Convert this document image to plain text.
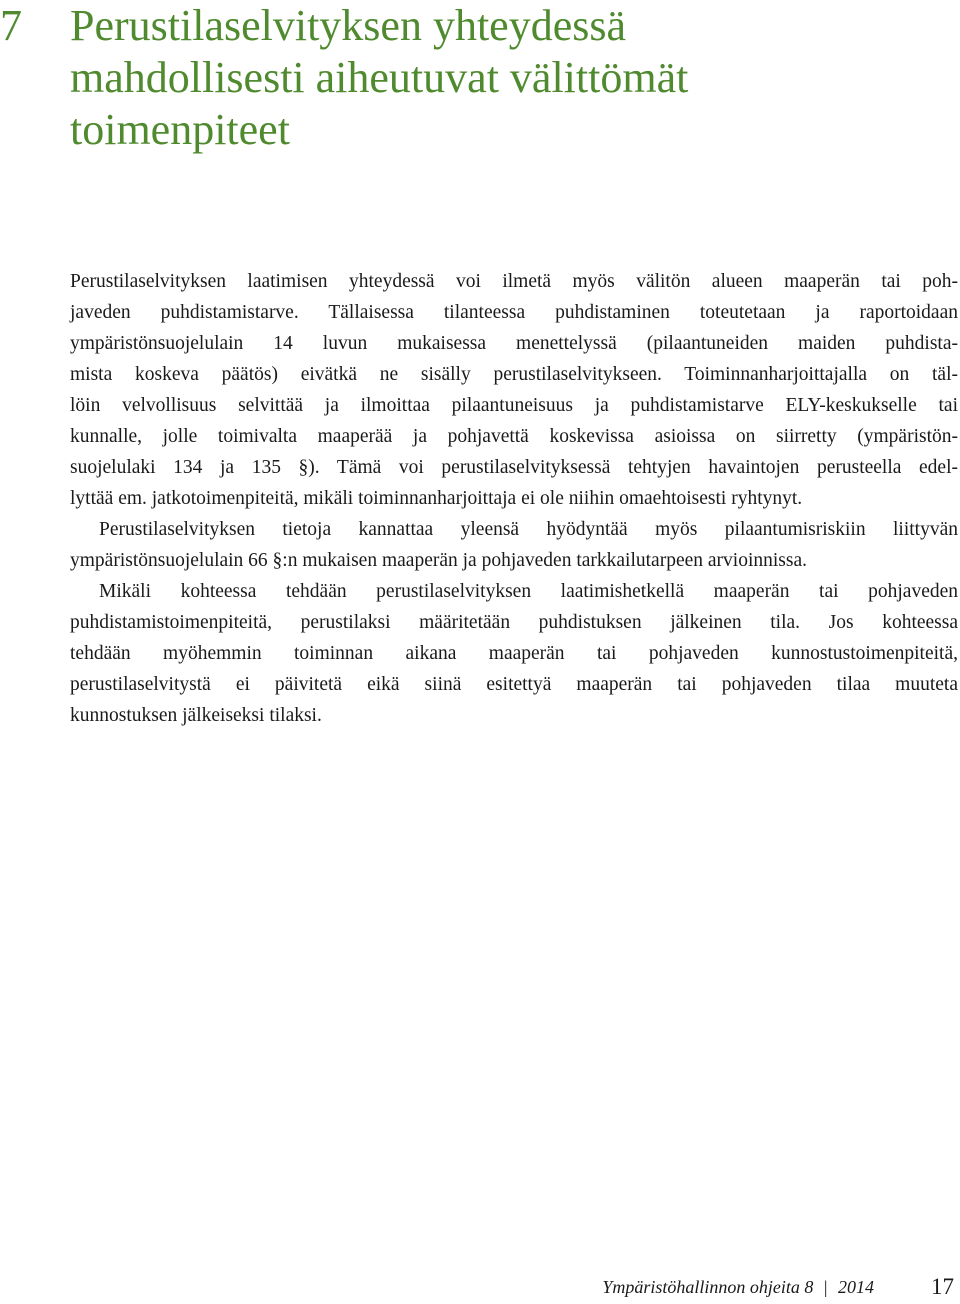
7 Perustilaselvityksen yhteydessä
mahdollisesti aiheutuvat välittömät
toimenpiteet
Perustilaselvityksen laatimisen yhteydessä voi ilmetä myös välitön alueen maaperän tai poh-
javeden puhdistamistarve. Tällaisessa tilanteessa puhdistaminen toteutetaan ja raportoidaan
ympäristönsuojelulain 14 luvun mukaisessa menettelyssä (pilaantuneiden maiden puhdista-
mista koskeva päätös) eivätkä ne sisälly perustilaselvitykseen. Toiminnanharjoittajalla on täl-
löin velvollisuus selvittää ja ilmoittaa pilaantuneisuus ja puhdistamistarve ELY-keskukselle tai
kunnalle, jolle toimivalta maaperää ja pohjavettä koskevissa asioissa on siirretty (ympäristön-
suojelulaki 134 ja 135 §). Tämä voi perustilaselvityksessä tehtyjen havaintojen perusteella edel-
lyttää em. jatkotoimenpiteitä, mikäli toiminnanharjoittaja ei ole niihin omaehtoisesti ryhtynyt.
Perustilaselvityksen tietoja kannattaa yleensä hyödyntää myös pilaantumisriskiin liittyvän
ympäristönsuojelulain 66 §:n mukaisen maaperän ja pohjaveden tarkkailutarpeen arvioinnissa.
Mikäli kohteessa tehdään perustilaselvityksen laatimishetkellä maaperän tai pohjaveden
puhdistamistoimenpiteitä, perustilaksi määritetään puhdistuksen jälkeinen tila. Jos kohteessa
tehdään myöhemmin toiminnan aikana maaperän tai pohjaveden kunnostustoimenpiteitä,
perustilaselvitystä ei päivitetä eikä siinä esitettyä maaperän tai pohjaveden tilaa muuteta
kunnostuksen jälkeiseksi tilaksi.
Ympäristöhallinnon ohjeita 8 | 2014 17
